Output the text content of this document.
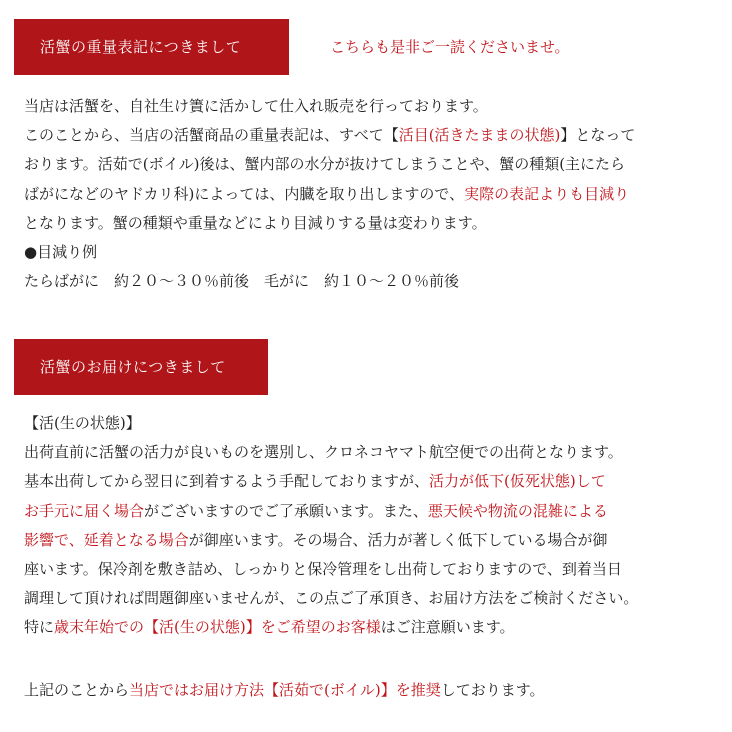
活蟹の重量表記につきまして	こちらも是非ご一読くださいませ。
当店は活蟹を、自社生け簀に活かして仕入れ販売を行っております。
このことから、当店の活蟹商品の重量表記は、すべて【活目(活きたままの状態)】となって
おります。活茹で(ボイル)後は、蟹内部の水分が抜けてしまうことや、蟹の種類(主にたら
ばがになどのヤドカリ科)によっては、内臓を取り出しますので、実際の表記よりも目減り
となります。蟹の種類や重量などにより目減りする量は変わります。
●目減り例
たらばがに　約２０～３０％前後　毛がに　約１０～２０％前後
活蟹のお届けにつきまして
【活(生の状態)】
出荷直前に活蟹の活力が良いものを選別し、クロネコヤマト航空便での出荷となります。
基本出荷してから翌日に到着するよう手配しておりますが、活力が低下(仮死状態)して
お手元に届く場合がございますのでご了承願います。また、悪天候や物流の混雑による
影響で、延着となる場合が御座います。その場合、活力が著しく低下している場合が御
座います。保冷剤を敷き詰め、しっかりと保冷管理をし出荷しておりますので、到着当日
調理して頂ければ問題御座いませんが、この点ご了承頂き、お届け方法をご検討ください。
特に歳末年始での【活(生の状態)】をご希望のお客様はご注意願います。
上記のことから当店ではお届け方法【活茹で(ボイル)】を推奨しております。
